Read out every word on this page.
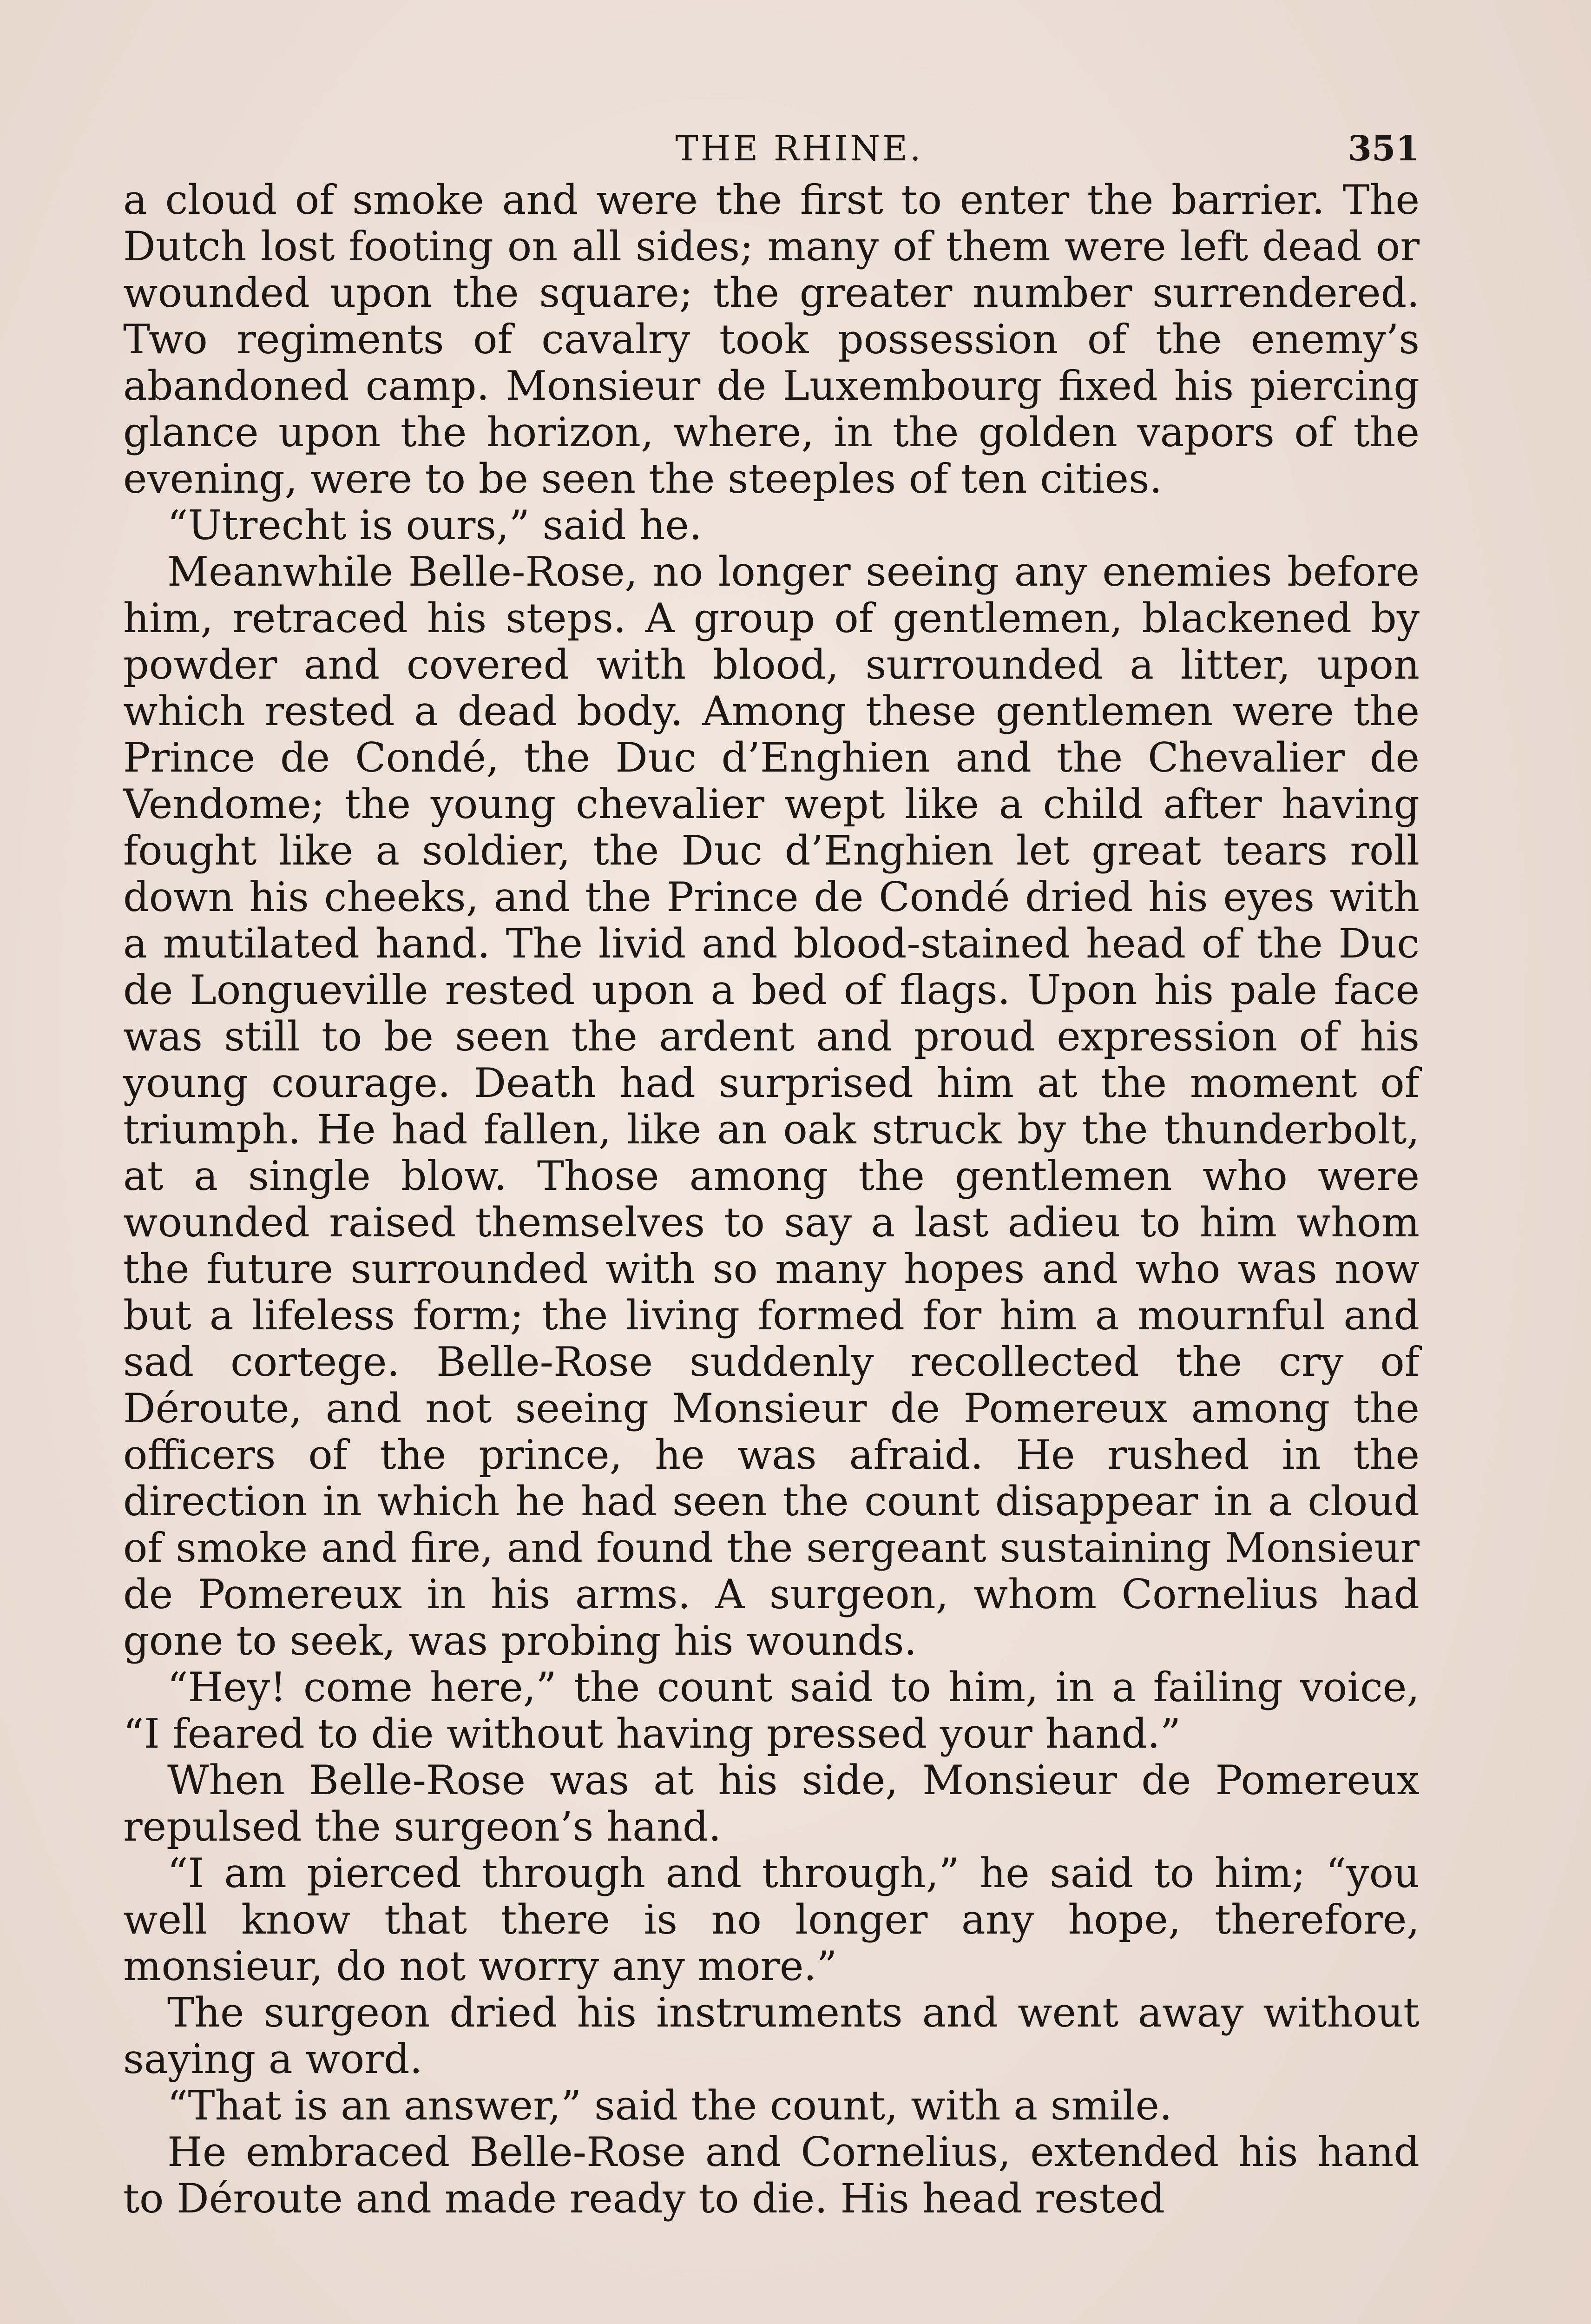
THE RHINE.	351

a cloud of smoke and were the first to enter the barrier. The Dutch lost footing on all sides; many of them were left dead or wounded upon the square; the greater number surrendered. Two regiments of cavalry took possession of the enemy’s abandoned camp. Monsieur de Luxembourg fixed his piercing glance upon the horizon, where, in the golden vapors of the evening, were to be seen the steeples of ten cities.

“Utrecht is ours,” said he.

Meanwhile Belle-Rose, no longer seeing any enemies before him, retraced his steps. A group of gentlemen, blackened by powder and covered with blood, surrounded a litter, upon which rested a dead body. Among these gentlemen were the Prince de Condé, the Duc d’Enghien and the Chevalier de Vendome; the young chevalier wept like a child after having fought like a soldier, the Duc d’Enghien let great tears roll down his cheeks, and the Prince de Condé dried his eyes with a mutilated hand. The livid and blood-stained head of the Duc de Longueville rested upon a bed of flags. Upon his pale face was still to be seen the ardent and proud expression of his young courage. Death had surprised him at the moment of triumph. He had fallen, like an oak struck by the thunderbolt, at a single blow. Those among the gentlemen who were wounded raised themselves to say a last adieu to him whom the future surrounded with so many hopes and who was now but a lifeless form; the living formed for him a mournful and sad cortege. Belle-Rose suddenly recollected the cry of Déroute, and not seeing Monsieur de Pomereux among the officers of the prince, he was afraid. He rushed in the direction in which he had seen the count disappear in a cloud of smoke and fire, and found the sergeant sustaining Monsieur de Pomereux in his arms. A surgeon, whom Cornelius had gone to seek, was probing his wounds.

“Hey! come here,” the count said to him, in a failing voice, “I feared to die without having pressed your hand.”

When Belle-Rose was at his side, Monsieur de Pomereux repulsed the surgeon’s hand.

“I am pierced through and through,” he said to him; “you well know that there is no longer any hope, therefore, monsieur, do not worry any more.”

The surgeon dried his instruments and went away without saying a word.

“That is an answer,” said the count, with a smile.

He embraced Belle-Rose and Cornelius, extended his hand to Déroute and made ready to die. His head rested
